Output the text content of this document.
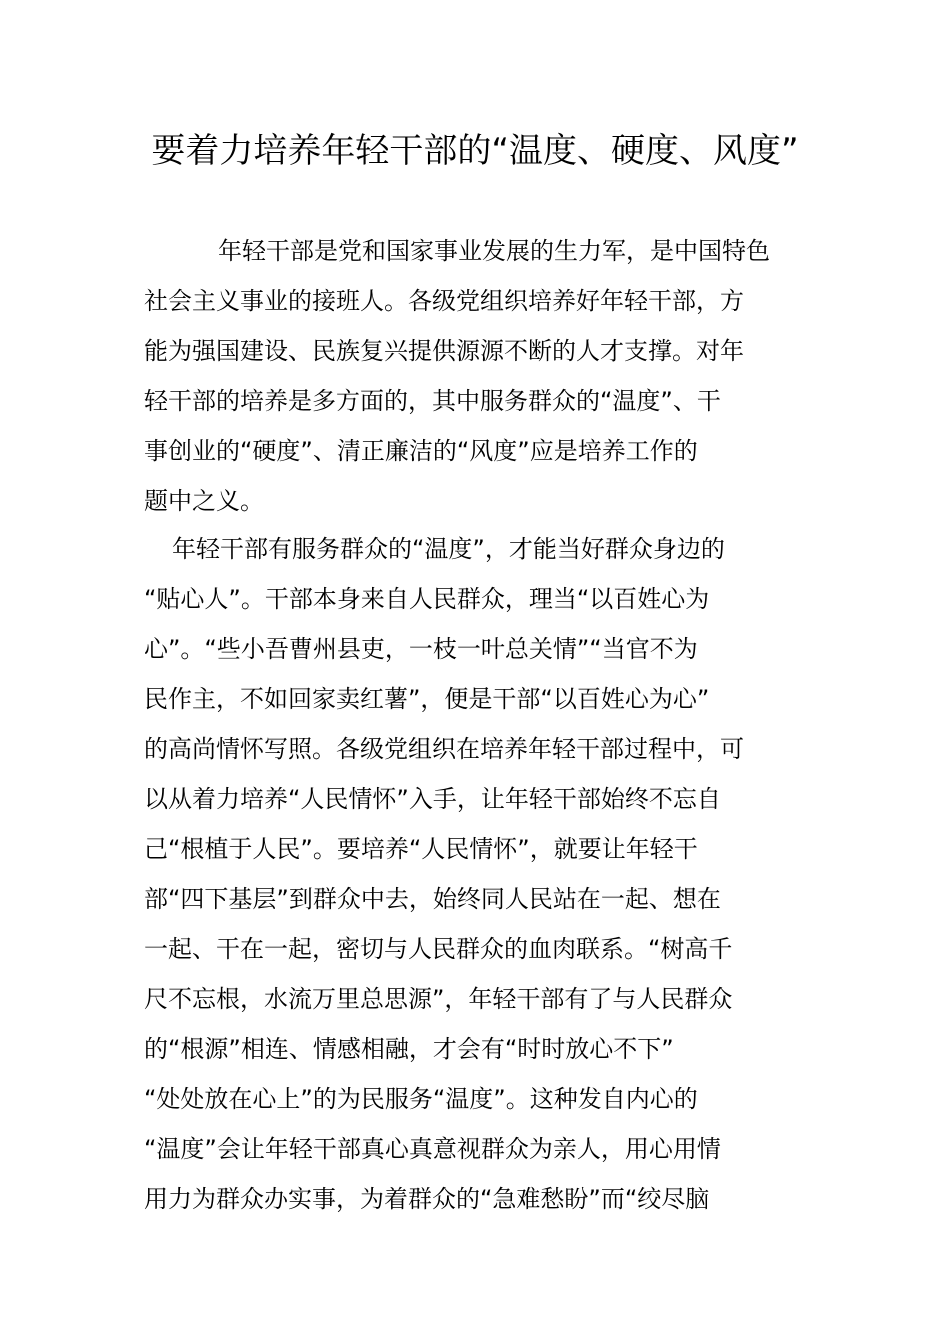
要着力培养年轻干部的“温度、硬度、风度”

年轻干部是党和国家事业发展的生力军，是中国特色

社会主义事业的接班人。各级党组织培养好年轻干部，方

能为强国建设、民族复兴提供源源不断的人才支撑。对年

轻干部的培养是多方面的，其中服务群众的“温度”、干

事创业的“硬度”、清正廉洁的“风度”应是培养工作的

题中之义。

年轻干部有服务群众的“温度”，才能当好群众身边的

“贴心人”。干部本身来自人民群众，理当“以百姓心为

心”。“些小吾曹州县吏，一枝一叶总关情”“当官不为

民作主，不如回家卖红薯”，便是干部“以百姓心为心”

的高尚情怀写照。各级党组织在培养年轻干部过程中，可

以从着力培养“人民情怀”入手，让年轻干部始终不忘自

己“根植于人民”。要培养“人民情怀”，就要让年轻干

部“四下基层”到群众中去，始终同人民站在一起、想在

一起、干在一起，密切与人民群众的血肉联系。“树高千

尺不忘根，水流万里总思源”，年轻干部有了与人民群众

的“根源”相连、情感相融，才会有“时时放心不下”

“处处放在心上”的为民服务“温度”。这种发自内心的

“温度”会让年轻干部真心真意视群众为亲人，用心用情

用力为群众办实事，为着群众的“急难愁盼”而“绞尽脑
